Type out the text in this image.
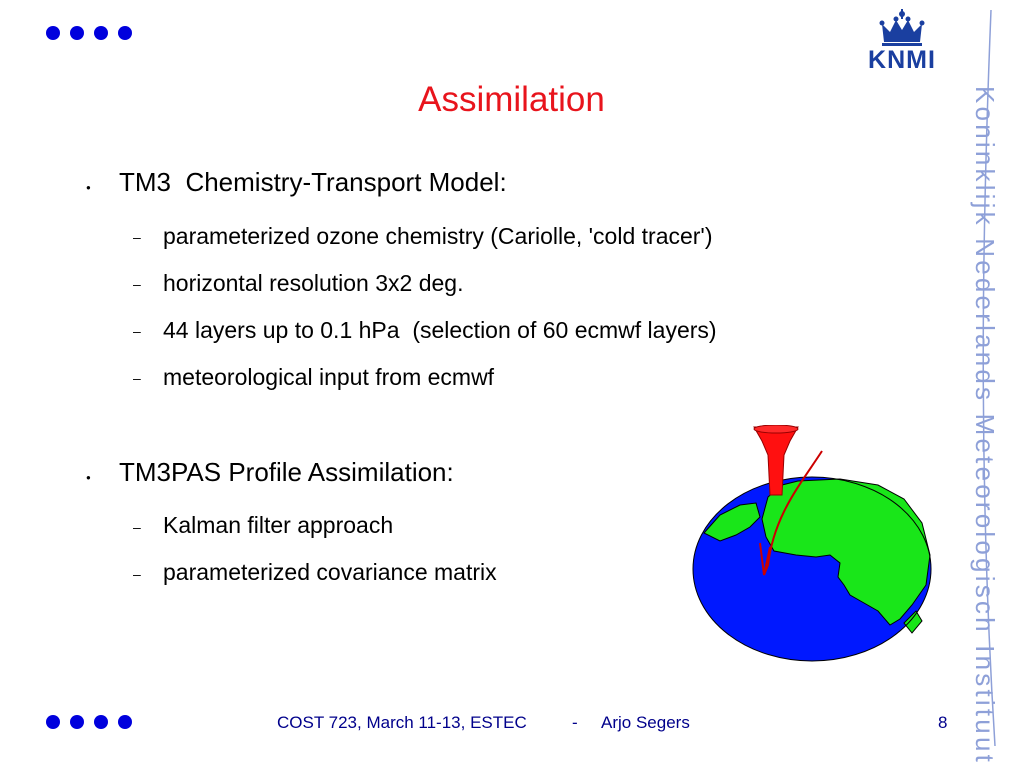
KNMI
Koninklijk Nederlands Meteorologisch Instituut
Assimilation
● TM3  Chemistry-Transport Model:
– parameterized ozone chemistry (Cariolle, 'cold tracer')
– horizontal resolution 3x2 deg.
– 44 layers up to 0.1 hPa  (selection of 60 ecmwf layers)
– meteorological input from ecmwf
● TM3PAS Profile Assimilation:
– Kalman filter approach
– parameterized covariance matrix
COST 723, March 11-13, ESTEC	- Arjo Segers	8
